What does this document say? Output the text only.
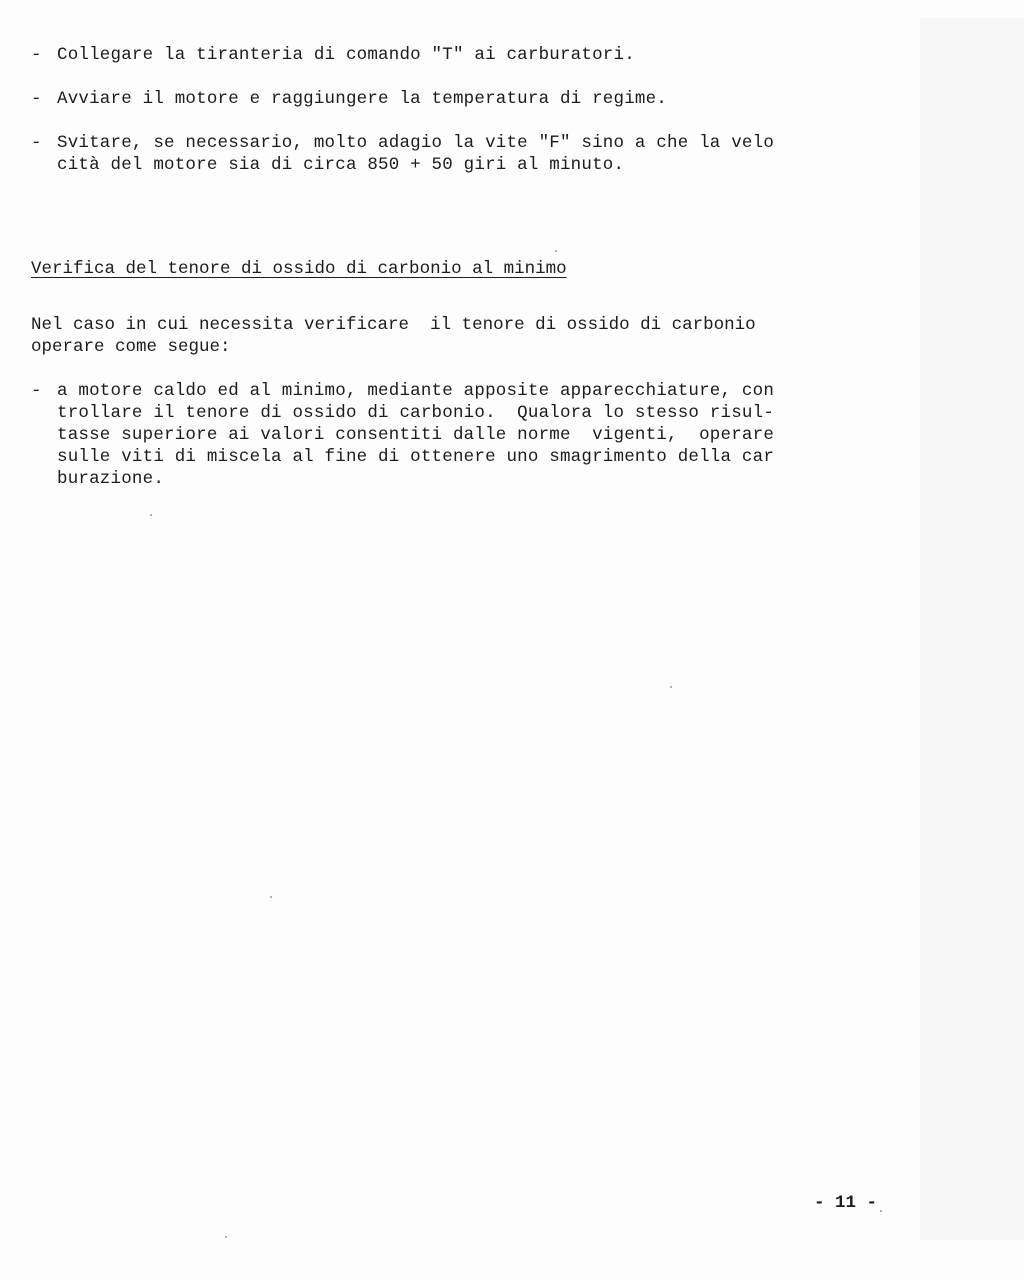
- Collegare la tiranteria di comando "T" ai carburatori.
- Avviare il motore e raggiungere la temperatura di regime.
- Svitare, se necessario, molto adagio la vite "F" sino a che la velo
cità del motore sia di circa 850 + 50 giri al minuto.
Verifica del tenore di ossido di carbonio al minimo
Nel caso in cui necessita verificare  il tenore di ossido di carbonio
operare come segue:
- a motore caldo ed al minimo, mediante apposite apparecchiature, con
trollare il tenore di ossido di carbonio.  Qualora lo stesso risul-
tasse superiore ai valori consentiti dalle norme  vigenti,  operare
sulle viti di miscela al fine di ottenere uno smagrimento della car
burazione.
- 11 -
